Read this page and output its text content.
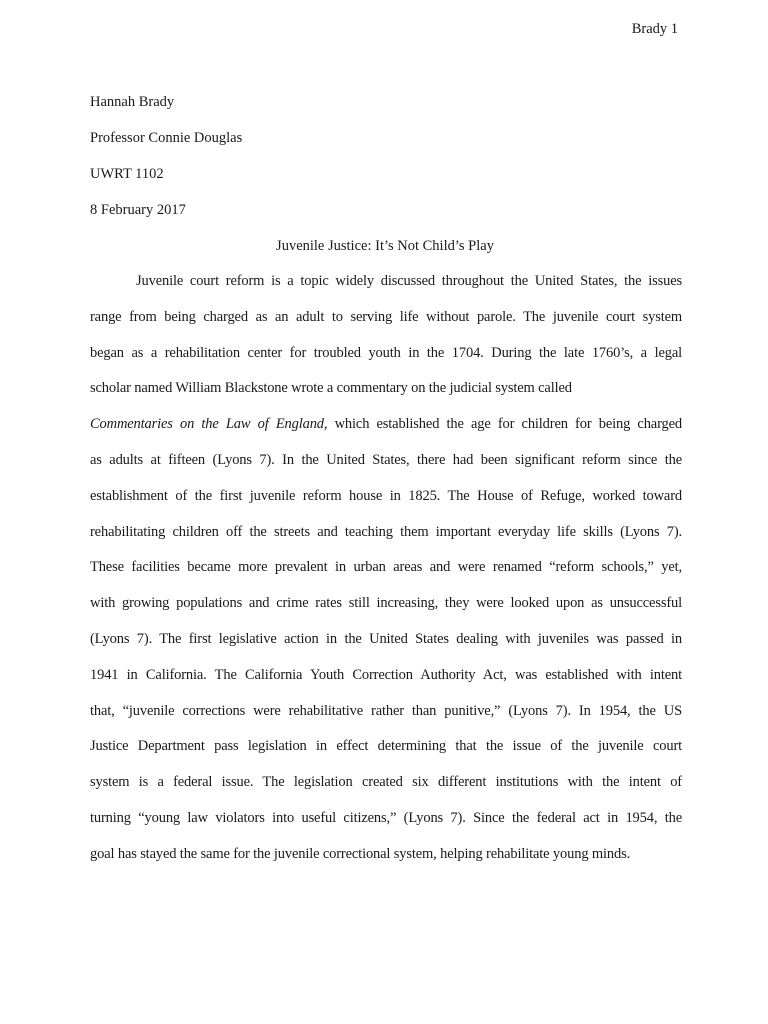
Brady 1
Hannah Brady
Professor Connie Douglas
UWRT 1102
8 February 2017
Juvenile Justice: It’s Not Child’s Play
Juvenile court reform is a topic widely discussed throughout the United States, the issues
range from being charged as an adult to serving life without parole. The juvenile court system
began as a rehabilitation center for troubled youth in the 1704. During the late 1760’s, a legal
scholar named William Blackstone wrote a commentary on the judicial system called
Commentaries on the Law of England, which established the age for children for being charged
as adults at fifteen (Lyons 7). In the United States, there had been significant reform since the
establishment of the first juvenile reform house in 1825. The House of Refuge, worked toward
rehabilitating children off the streets and teaching them important everyday life skills (Lyons 7).
These facilities became more prevalent in urban areas and were renamed “reform schools,” yet,
with growing populations and crime rates still increasing, they were looked upon as unsuccessful
(Lyons 7). The first legislative action in the United States dealing with juveniles was passed in
1941 in California. The California Youth Correction Authority Act, was established with intent
that, “juvenile corrections were rehabilitative rather than punitive,” (Lyons 7). In 1954, the US
Justice Department pass legislation in effect determining that the issue of the juvenile court
system is a federal issue. The legislation created six different institutions with the intent of
turning “young law violators into useful citizens,” (Lyons 7). Since the federal act in 1954, the
goal has stayed the same for the juvenile correctional system, helping rehabilitate young minds.
